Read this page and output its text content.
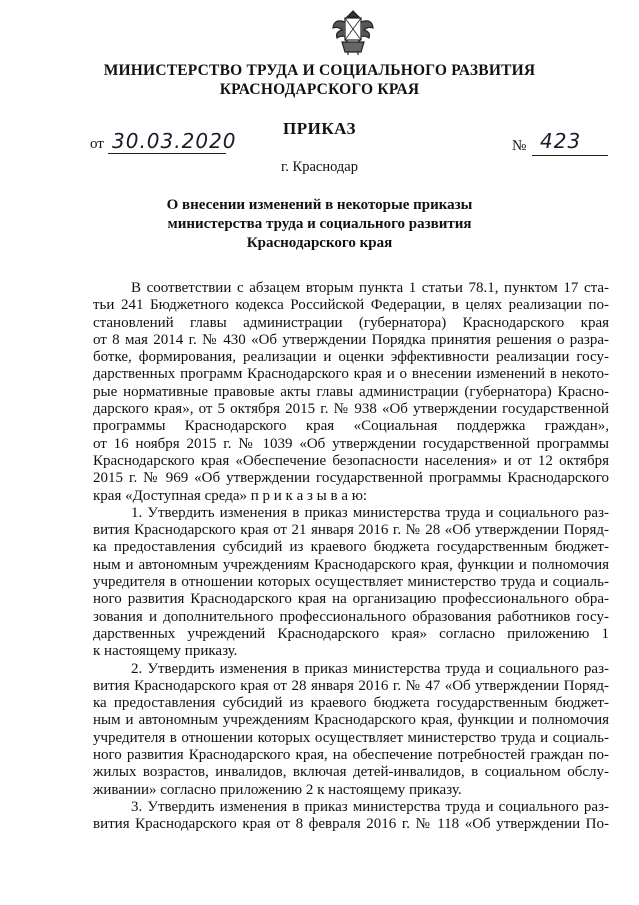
МИНИСТЕРСТВО ТРУДА И СОЦИАЛЬНОГО РАЗВИТИЯ
КРАСНОДАРСКОГО КРАЯ
ПРИКАЗ
от 30.03.2020	№ 423
г. Краснодар
О внесении изменений в некоторые приказы
министерства труда и социального развития
Краснодарского края
В соответствии с абзацем вторым пункта 1 статьи 78.1, пунктом 17 ста-
тьи 241 Бюджетного кодекса Российской Федерации, в целях реализации по-
становлений главы администрации (губернатора) Краснодарского края
от 8 мая 2014 г. № 430 «Об утверждении Порядка принятия решения о разра-
ботке, формирования, реализации и оценки эффективности реализации госу-
дарственных программ Краснодарского края и о внесении изменений в некото-
рые нормативные правовые акты главы администрации (губернатора) Красно-
дарского края», от 5 октября 2015 г. № 938 «Об утверждении государственной
программы Краснодарского края «Социальная поддержка граждан»,
от 16 ноября 2015 г. № 1039 «Об утверждении государственной программы
Краснодарского края «Обеспечение безопасности населения» и от 12 октября
2015 г. № 969 «Об утверждении государственной программы Краснодарского
края «Доступная среда» п р и к а з ы в а ю:
1. Утвердить изменения в приказ министерства труда и социального раз-
вития Краснодарского края от 21 января 2016 г. № 28 «Об утверждении Поряд-
ка предоставления субсидий из краевого бюджета государственным бюджет-
ным и автономным учреждениям Краснодарского края, функции и полномочия
учредителя в отношении которых осуществляет министерство труда и социаль-
ного развития Краснодарского края на организацию профессионального обра-
зования и дополнительного профессионального образования работников госу-
дарственных учреждений Краснодарского края» согласно приложению 1
к настоящему приказу.
2. Утвердить изменения в приказ министерства труда и социального раз-
вития Краснодарского края от 28 января 2016 г. № 47 «Об утверждении Поряд-
ка предоставления субсидий из краевого бюджета государственным бюджет-
ным и автономным учреждениям Краснодарского края, функции и полномочия
учредителя в отношении которых осуществляет министерство труда и социаль-
ного развития Краснодарского края, на обеспечение потребностей граждан по-
жилых возрастов, инвалидов, включая детей-инвалидов, в социальном обслу-
живании» согласно приложению 2 к настоящему приказу.
3. Утвердить изменения в приказ министерства труда и социального раз-
вития Краснодарского края от 8 февраля 2016 г. № 118 «Об утверждении По-
